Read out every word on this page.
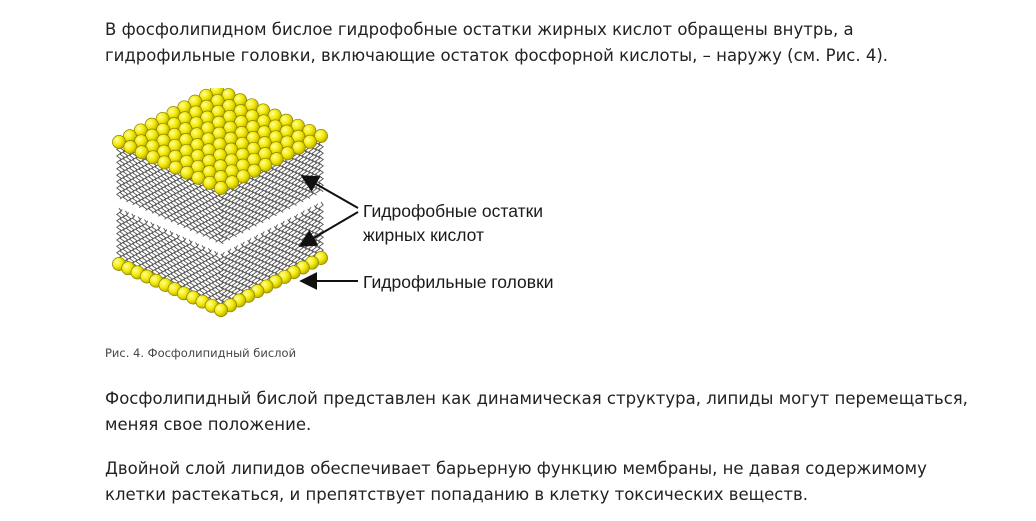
В фосфолипидном бислое гидрофобные остатки жирных кислот обращены внутрь, а
гидрофильные головки, включающие остаток фосфорной кислоты, – наружу (см. Рис. 4).

Гидрофобные остатки
жирных кислот
Гидрофильные головки

Рис. 4. Фосфолипидный бислой

Фосфолипидный бислой представлен как динамическая структура, липиды могут перемещаться,
меняя свое положение.

Двойной слой липидов обеспечивает барьерную функцию мембраны, не давая содержимому
клетки растекаться, и препятствует попаданию в клетку токсических веществ.
